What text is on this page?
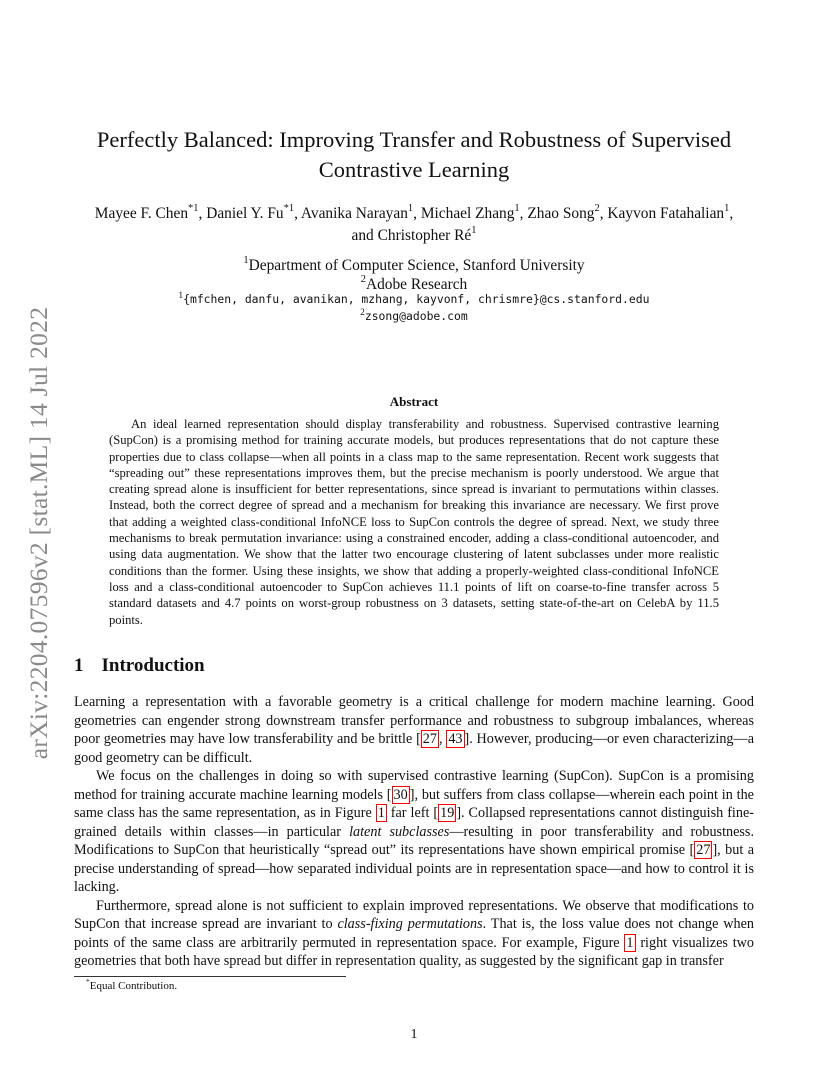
arXiv:2204.07596v2 [stat.ML] 14 Jul 2022
Perfectly Balanced: Improving Transfer and Robustness of Supervised
Contrastive Learning
Mayee F. Chen$^{*1}$, Daniel Y. Fu$^{*1}$, Avanika Narayan$^1$, Michael Zhang$^1$, Zhao Song$^2$, Kayvon Fatahalian$^1$,
and Christopher $Ré^1$
$^1$Department of Computer Science, Stanford University
$^2$Adobe Research
$^1${mfchen, danfu, avanikan, mzhang, kayvonf, chrismre}@cs.stanford.edu
$^2$zsong@adobe.com
Abstract

An ideal learned representation should display transferability and robustness. Supervised contrastive learning (SupCon) is a promising method for training accurate models, but produces representations that do not capture these properties due to class collapse—when all points in a class map to the same representation. Recent work suggests that “spreading out” these representations improves them, but the precise mechanism is poorly understood. We argue that creating spread alone is insufficient for better representations, since spread is invariant to permutations within classes. Instead, both the correct degree of spread and a mechanism for breaking this invariance are necessary. We first prove that adding a weighted class-conditional InfoNCE loss to SupCon controls the degree of spread. Next, we study three mechanisms to break permutation invariance: using a constrained encoder, adding a class-conditional autoencoder, and using data augmentation. We show that the latter two encourage clustering of latent subclasses under more realistic conditions than the former. Using these insights, we show that adding a properly-weighted class-conditional InfoNCE loss and a class-conditional autoencoder to SupCon achieves 11.1 points of lift on coarse-to-fine transfer across 5 standard datasets and 4.7 points on worst-group robustness on 3 datasets, setting state-of-the-art on CelebA by 11.5 points.

1 Introduction

Learning a representation with a favorable geometry is a critical challenge for modern machine learning. Good geometries can engender strong downstream transfer performance and robustness to subgroup imbalances, whereas poor geometries may have low transferability and be brittle [ 27 , 43 ]. However, producing—or even characterizing—a good geometry can be difficult.

We focus on the challenges in doing so with supervised contrastive learning (SupCon). SupCon is a promising method for training accurate machine learning models [ 30 ], but suffers from class collapse—wherein each point in the same class has the same representation, as in Figure 1 far left [ 19 ]. Collapsed representations cannot distinguish fine-grained details within classes—in particular latent subclasses—resulting in poor transferability and robustness. Modifications to SupCon that heuristically “spread out” its representations have shown empirical promise [ 27 ], but a precise understanding of spread—how separated individual points are in representation space—and how to control it is lacking.

Furthermore, spread alone is not sufficient to explain improved representations. We observe that modifications to SupCon that increase spread are invariant to class-fixing permutations. That is, the loss value does not change when points of the same class are arbitrarily permuted in representation space. For example, Figure 1 right visualizes two geometries that both have spread but differ in representation quality, as suggested by the significant gap in transfer

*Equal Contribution.
1
